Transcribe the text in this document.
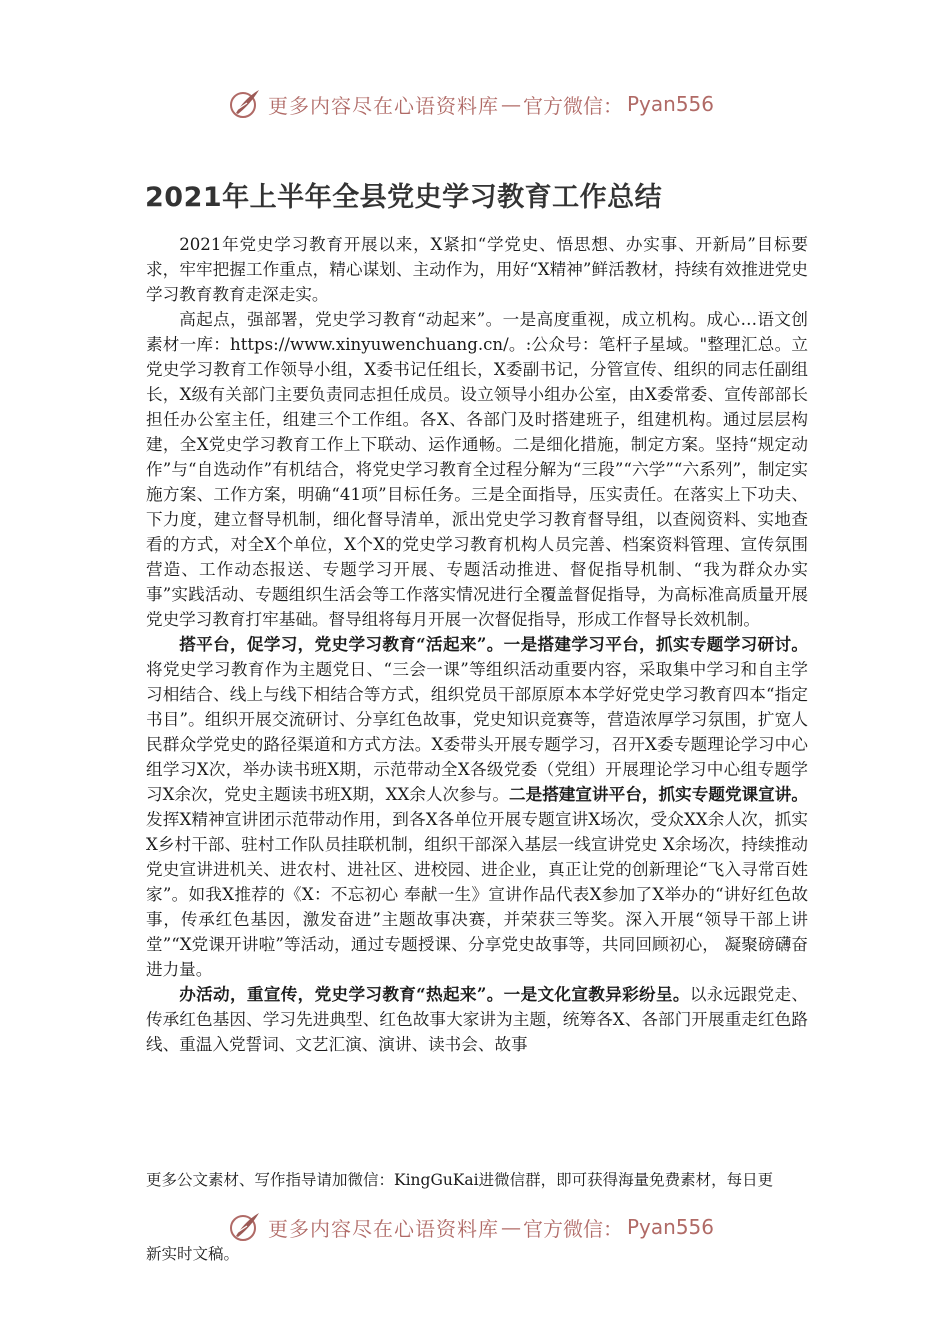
更多内容尽在心语资料库 — 官方微信： Pyan556
2021年上半年全县党史学习教育工作总结

2021年党史学习教育开展以来，X紧扣“学党史、悟思想、办实事、开新局”目标要求，牢牢把握工作重点，精心谋划、主动作为，用好“X精神”鲜活教材，持续有效推进党史学习教育教育走深走实。

高起点，强部署，党史学习教育“动起来”。一是高度重视，成立机构。成心…语文创素材一库：https://www.xinyuwenchuang.cn/。:公众号：笔杆子星域。"整理汇总。立党史学习教育工作领导小组，X委书记任组长，X委副书记，分管宣传、组织的同志任副组长，X级有关部门主要负责同志担任成员。设立领导小组办公室，由X委常委、宣传部部长担任办公室主任，组建三个工作组。各X、各部门及时搭建班子，组建机构。通过层层构建，全X党史学习教育工作上下联动、运作通畅。二是细化措施，制定方案。坚持“规定动作”与“自选动作”有机结合，将党史学习教育全过程分解为“三段”“六学”“六系列”，制定实施方案、工作方案，明确“41项”目标任务。三是全面指导，压实责任。在落实上下功夫、下力度，建立督导机制，细化督导清单，派出党史学习教育督导组，以查阅资料、实地查看的方式，对全X个单位，X个X的党史学习教育机构人员完善、档案资料管理、宣传氛围营造、工作动态报送、专题学习开展、专题活动推进、督促指导机制、“我为群众办实事”实践活动、专题组织生活会等工作落实情况进行全覆盖督促指导，为高标准高质量开展党史学习教育打牢基础。督导组将每月开展一次督促指导，形成工作督导长效机制。

搭平台，促学习，党史学习教育“活起来”。一是搭建学习平台，抓实专题学习研讨。将党史学习教育作为主题党日、“三会一课”等组织活动重要内容，采取集中学习和自主学习相结合、线上与线下相结合等方式，组织党员干部原原本本学好党史学习教育四本“指定书目”。组织开展交流研讨、分享红色故事，党史知识竞赛等，营造浓厚学习氛围，扩宽人民群众学党史的路径渠道和方式方法。X委带头开展专题学习，召开X委专题理论学习中心组学习X次，举办读书班X期，示范带动全X各级党委（党组）开展理论学习中心组专题学习X余次，党史主题读书班X期，XX余人次参与。二是搭建宣讲平台，抓实专题党课宣讲。发挥X精神宣讲团示范带动作用，到各X各单位开展专题宣讲X场次，受众XX余人次，抓实X乡村干部、驻村工作队员挂联机制，组织干部深入基层一线宣讲党史 X余场次，持续推动党史宣讲进机关、进农村、进社区、进校园、进企业，真正让党的创新理论“飞入寻常百姓家”。如我X推荐的《X：不忘初心 奉献一生》宣讲作品代表X参加了X举办的“讲好红色故事，传承红色基因，激发奋进”主题故事决赛，并荣获三等奖。深入开展“领导干部上讲堂”“X党课开讲啦”等活动，通过专题授课、分享党史故事等，共同回顾初心， 凝聚磅礴奋进力量。

办活动，重宣传，党史学习教育“热起来”。一是文化宣教异彩纷呈。以永远跟党走、传承红色基因、学习先进典型、红色故事大家讲为主题，统筹各X、各部门开展重走红色路线、重温入党誓词、文艺汇演、演讲、读书会、故事

更多公文素材、写作指导请加微信：KingGuKai进微信群，即可获得海量免费素材，每日更
更多内容尽在心语资料库 — 官方微信： Pyan556
新实时文稿。
